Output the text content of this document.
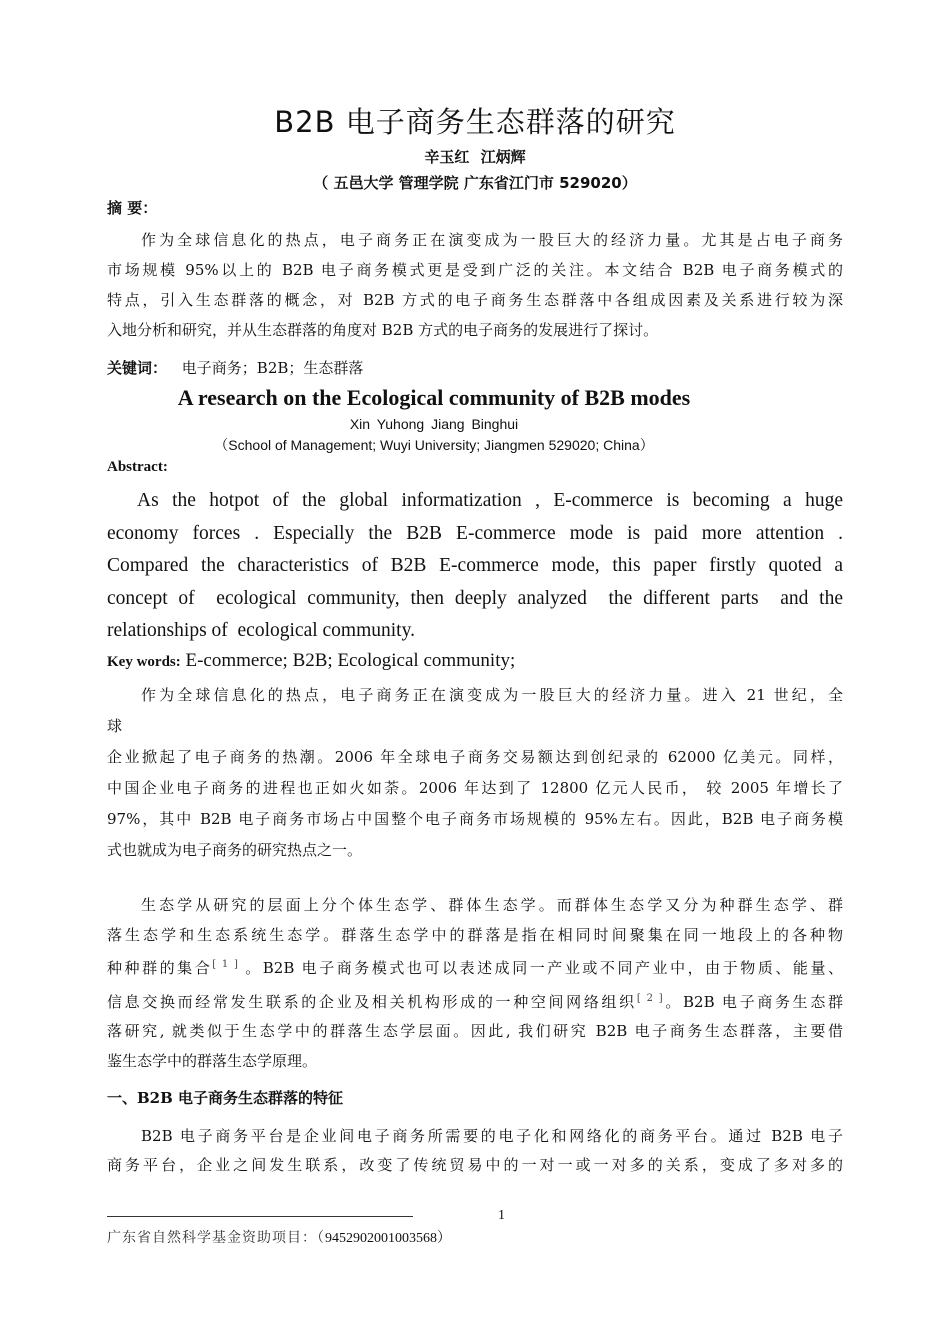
B2B 电子商务生态群落的研究
辛玉红 江炳辉
（ 五邑大学 管理学院 广东省江门市 529020）
摘 要：
作为全球信息化的热点，电子商务正在演变成为一股巨大的经济力量。尤其是占电子商务
市场规模 95%以上的 B2B 电子商务模式更是受到广泛的关注。本文结合 B2B 电子商务模式的
特点，引入生态群落的概念，对 B2B 方式的电子商务生态群落中各组成因素及关系进行较为深
入地分析和研究，并从生态群落的角度对 B2B 方式的电子商务的发展进行了探讨。
关键词： 电子商务；B2B；生态群落
A research on the Ecological community of B2B modes
Xin Yuhong Jiang Binghui
（School of Management; Wuyi University; Jiangmen 529020; China）
Abstract:
As  the  hotpot  of  the  global  informatization  ,  E-commerce  is  becoming  a  huge
economy  forces  .  Especially  the  B2B  E-commerce  mode  is  paid  more  attention  .
Compared  the  characteristics  of  B2B  E-commerce  mode,  this  paper  firstly  quoted  a
concept of  ecological community, then deeply analyzed  the different parts  and the
relationships of  ecological community.
Key words: E-commerce; B2B; Ecological community;
作为全球信息化的热点，电子商务正在演变成为一股巨大的经济力量。进入 21 世纪，全
球
企业掀起了电子商务的热潮。2006 年全球电子商务交易额达到创纪录的 62000 亿美元。同样，
中国企业电子商务的进程也正如火如荼。2006 年达到了 12800 亿元人民币， 较 2005 年增长了
97%，其中 B2B 电子商务市场占中国整个电子商务市场规模的 95%左右。因此，B2B 电子商务模
式也就成为电子商务的研究热点之一。
生态学从研究的层面上分个体生态学、群体生态学。而群体生态学又分为种群生态学、群
落生态学和生态系统生态学。群落生态学中的群落是指在相同时间聚集在同一地段上的各种物
种种群的集合[ 1 ] 。B2B 电子商务模式也可以表述成同一产业或不同产业中，由于物质、能量、
信息交换而经常发生联系的企业及相关机构形成的一种空间网络组织[ 2 ]。B2B 电子商务生态群
落研究, 就类似于生态学中的群落生态学层面。因此, 我们研究 B2B 电子商务生态群落，主要借
鉴生态学中的群落生态学原理。
一、B2B 电子商务生态群落的特征
B2B 电子商务平台是企业间电子商务所需要的电子化和网络化的商务平台。通过 B2B 电子
商务平台，企业之间发生联系，改变了传统贸易中的一对一或一对多的关系，变成了多对多的
1
广东省自然科学基金资助项目：（9452902001003568）
